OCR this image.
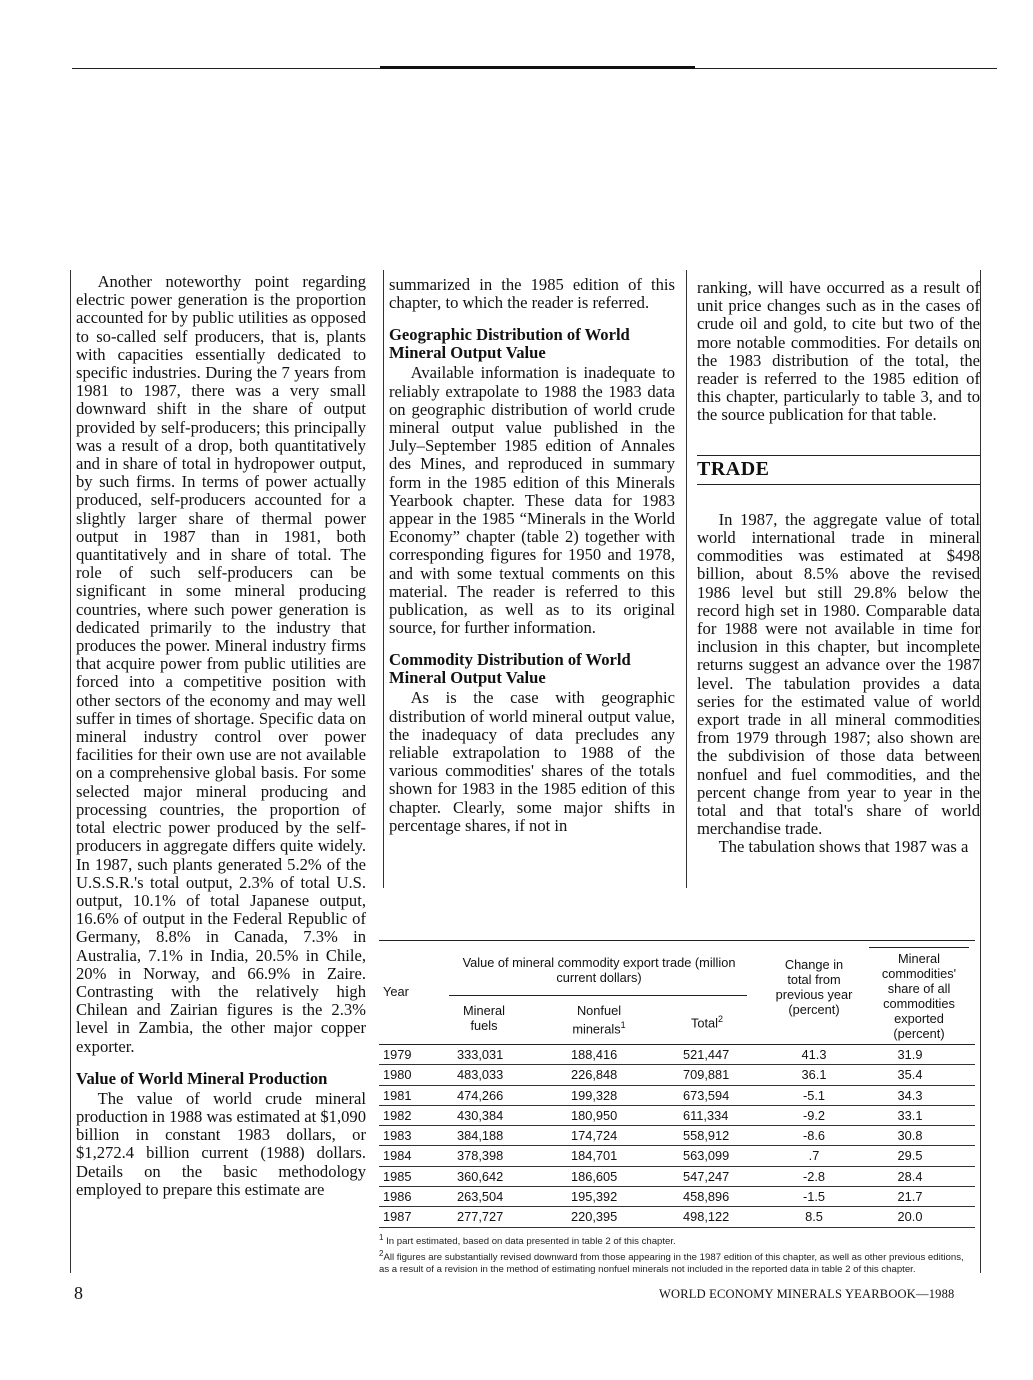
Another noteworthy point regarding electric power generation is the proportion accounted for by public utilities as opposed to so-called self producers, that is, plants with capacities essentially dedicated to specific industries. During the 7 years from 1981 to 1987, there was a very small downward shift in the share of output provided by self-producers; this principally was a result of a drop, both quantitatively and in share of total in hydropower output, by such firms. In terms of power actually produced, self-producers accounted for a slightly larger share of thermal power output in 1987 than in 1981, both quantitatively and in share of total. The role of such self-producers can be significant in some mineral producing countries, where such power generation is dedicated primarily to the industry that produces the power. Mineral industry firms that acquire power from public utilities are forced into a competitive position with other sectors of the economy and may well suffer in times of shortage. Specific data on mineral industry control over power facilities for their own use are not available on a comprehensive global basis. For some selected major mineral producing and processing countries, the proportion of total electric power produced by the self-producers in aggregate differs quite widely. In 1987, such plants generated 5.2% of the U.S.S.R.'s total output, 2.3% of total U.S. output, 10.1% of total Japanese output, 16.6% of output in the Federal Republic of Germany, 8.8% in Canada, 7.3% in Australia, 7.1% in India, 20.5% in Chile, 20% in Norway, and 66.9% in Zaire. Contrasting with the relatively high Chilean and Zairian figures is the 2.3% level in Zambia, the other major copper exporter.

Value of World Mineral Production

The value of world crude mineral production in 1988 was estimated at $1,090 billion in constant 1983 dollars, or $1,272.4 billion current (1988) dollars. Details on the basic methodology employed to prepare this estimate are

summarized in the 1985 edition of this chapter, to which the reader is referred.

Geographic Distribution of World Mineral Output Value

Available information is inadequate to reliably extrapolate to 1988 the 1983 data on geographic distribution of world crude mineral output value published in the July–September 1985 edition of Annales des Mines, and reproduced in summary form in the 1985 edition of this Minerals Yearbook chapter. These data for 1983 appear in the 1985 “Minerals in the World Economy” chapter (table 2) together with corresponding figures for 1950 and 1978, and with some textual comments on this material. The reader is referred to this publication, as well as to its original source, for further information.

Commodity Distribution of World Mineral Output Value

As is the case with geographic distribution of world mineral output value, the inadequacy of data precludes any reliable extrapolation to 1988 of the various commodities' shares of the totals shown for 1983 in the 1985 edition of this chapter. Clearly, some major shifts in percentage shares, if not in

ranking, will have occurred as a result of unit price changes such as in the cases of crude oil and gold, to cite but two of the more notable commodities. For details on the 1983 distribution of the total, the reader is referred to the 1985 edition of this chapter, particularly to table 3, and to the source publication for that table.

TRADE

In 1987, the aggregate value of total world international trade in mineral commodities was estimated at $498 billion, about 8.5% above the revised 1986 level but still 29.8% below the record high set in 1980. Comparable data for 1988 were not available in time for inclusion in this chapter, but incomplete returns suggest an advance over the 1987 level. The tabulation provides a data series for the estimated value of world export trade in all mineral commodities from 1979 through 1987; also shown are the subdivision of those data between nonfuel and fuel commodities, and the percent change from year to year in the total and that total's share of world merchandise trade.

The tabulation shows that 1987 was a

Year
Value of mineral commodity export trade (million current dollars)
Mineral fuels
Nonfuel minerals$^1$	Total$^2$
Change in total from previous year (percent)
Mineral commodities' share of all commodities exported (percent)
1979	333,031	188,416	521,447	41.3	31.9
1980	483,033	226,848	709,881	36.1	35.4
1981	474,266	199,328	673,594	-5.1	34.3
1982	430,384	180,950	611,334	-9.2	33.1
1983	384,188	174,724	558,912	-8.6	30.8
1984	378,398	184,701	563,099	.7	29.5
1985	360,642	186,605	547,247	-2.8	28.4
1986	263,504	195,392	458,896	-1.5	21.7
1987	277,727	220,395	498,122	8.5	20.0
$^1$ In part estimated, based on data presented in table 2 of this chapter.
$^2$All figures are substantially revised downward from those appearing in the 1987 edition of this chapter, as well as other previous editions, as a result of a revision in the method of estimating nonfuel minerals not included in the reported data in table 2 of this chapter.
8	WORLD ECONOMY MINERALS YEARBOOK—1988
